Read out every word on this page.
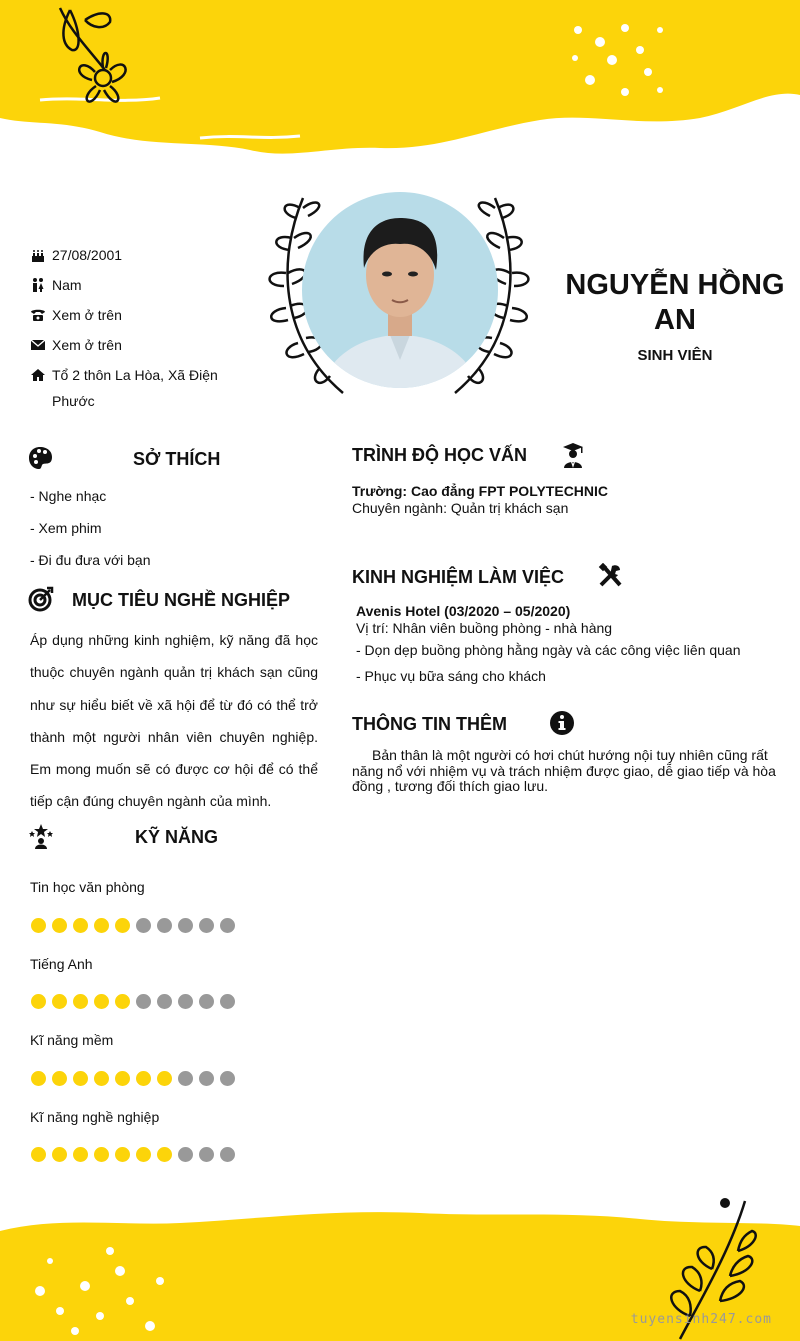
27/08/2001
Nam
Xem ở trên
Xem ở trên
Tổ 2 thôn La Hòa, Xã Điện Phước
NGUYỄN HỒNG AN
SINH VIÊN
SỞ THÍCH
- Nghe nhạc
- Xem phim
- Đi đu đưa với bạn
MỤC TIÊU NGHỀ NGHIỆP
Áp dụng những kinh nghiệm, kỹ năng đã học thuộc chuyên ngành quản trị khách sạn cũng như sự hiểu biết về xã hội để từ đó có thể trở thành một người nhân viên chuyên nghiệp. Em mong muốn sẽ có được cơ hội để có thể tiếp cận đúng chuyên ngành của mình.
KỸ NĂNG
Tin học văn phòng
Tiếng Anh
Kĩ năng mềm
Kĩ năng nghề nghiệp
TRÌNH ĐỘ HỌC VẤN
Trường: Cao đẳng FPT POLYTECHNIC
Chuyên ngành: Quản trị khách sạn
KINH NGHIỆM LÀM VIỆC
Avenis Hotel (03/2020 – 05/2020)
Vị trí: Nhân viên buồng phòng - nhà hàng
- Dọn dẹp buồng phòng hằng ngày và các công việc liên quan
- Phục vụ bữa sáng cho khách
THÔNG TIN THÊM
Bản thân là một người có hơi chút hướng nội tuy nhiên cũng rất năng nổ với nhiệm vụ và trách nhiệm được giao, dễ giao tiếp và hòa đồng , tương đối thích giao lưu.
tuyensinh247.com
